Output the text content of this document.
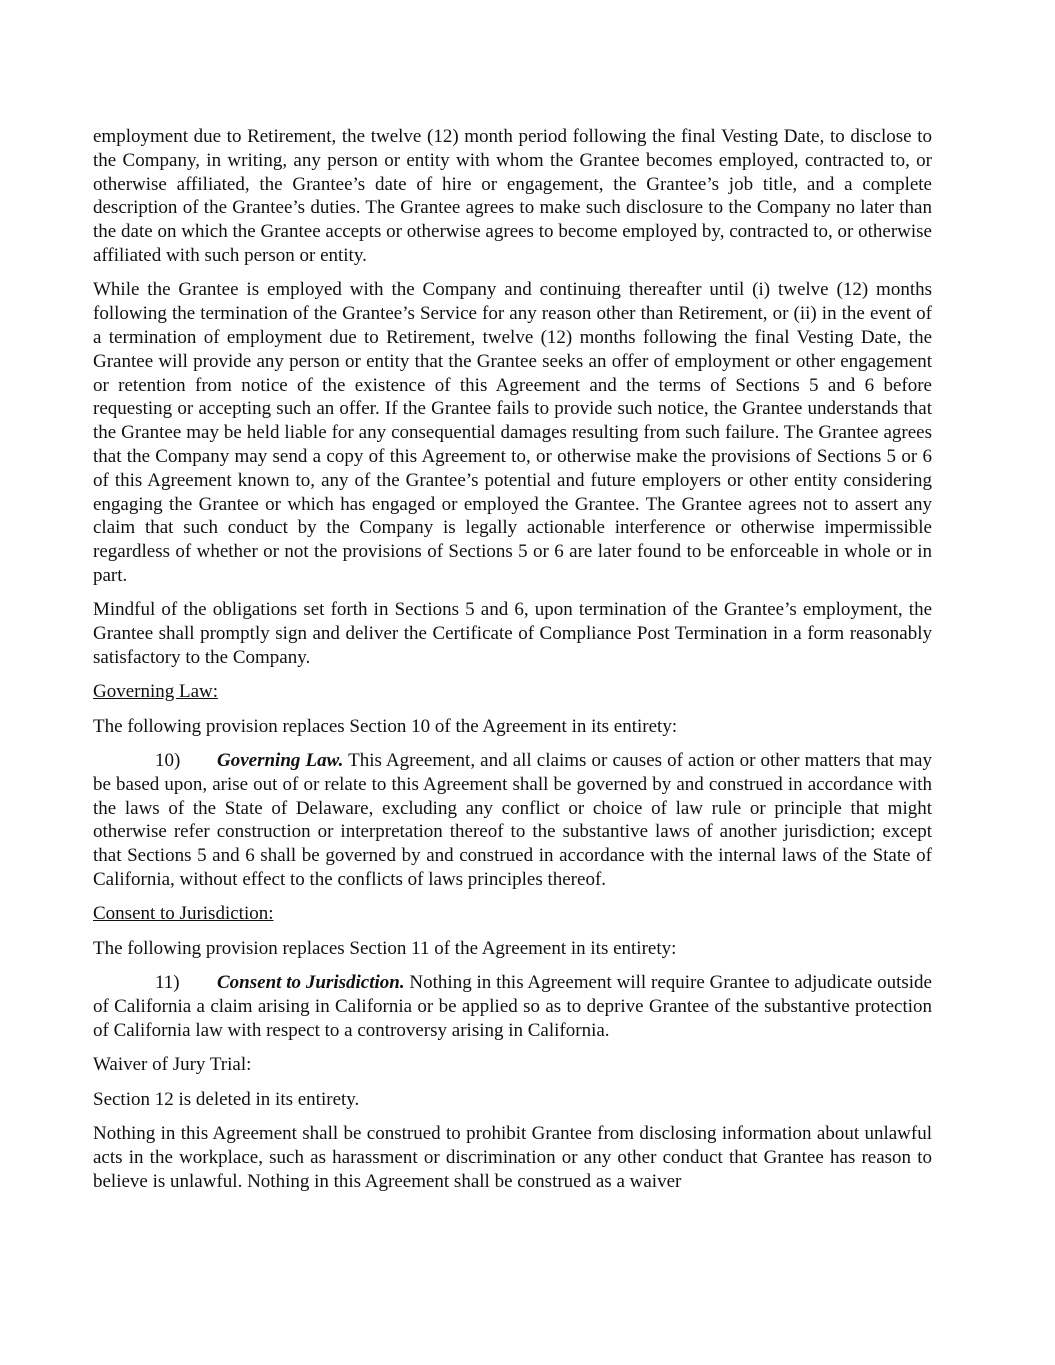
employment due to Retirement, the twelve (12) month period following the final Vesting Date, to disclose to the Company, in writing, any person or entity with whom the Grantee becomes employed, contracted to, or otherwise affiliated, the Grantee’s date of hire or engagement, the Grantee’s job title, and a complete description of the Grantee’s duties. The Grantee agrees to make such disclosure to the Company no later than the date on which the Grantee accepts or otherwise agrees to become employed by, contracted to, or otherwise affiliated with such person or entity.

While the Grantee is employed with the Company and continuing thereafter until (i) twelve (12) months following the termination of the Grantee’s Service for any reason other than Retirement, or (ii) in the event of a termination of employment due to Retirement, twelve (12) months following the final Vesting Date, the Grantee will provide any person or entity that the Grantee seeks an offer of employment or other engagement or retention from notice of the existence of this Agreement and the terms of Sections 5 and 6 before requesting or accepting such an offer. If the Grantee fails to provide such notice, the Grantee understands that the Grantee may be held liable for any consequential damages resulting from such failure. The Grantee agrees that the Company may send a copy of this Agreement to, or otherwise make the provisions of Sections 5 or 6 of this Agreement known to, any of the Grantee’s potential and future employers or other entity considering engaging the Grantee or which has engaged or employed the Grantee. The Grantee agrees not to assert any claim that such conduct by the Company is legally actionable interference or otherwise impermissible regardless of whether or not the provisions of Sections 5 or 6 are later found to be enforceable in whole or in part.

Mindful of the obligations set forth in Sections 5 and 6, upon termination of the Grantee’s employment, the Grantee shall promptly sign and deliver the Certificate of Compliance Post Termination in a form reasonably satisfactory to the Company.

Governing Law:

The following provision replaces Section 10 of the Agreement in its entirety:

10) Governing Law. This Agreement, and all claims or causes of action or other matters that may be based upon, arise out of or relate to this Agreement shall be governed by and construed in accordance with the laws of the State of Delaware, excluding any conflict or choice of law rule or principle that might otherwise refer construction or interpretation thereof to the substantive laws of another jurisdiction; except that Sections 5 and 6 shall be governed by and construed in accordance with the internal laws of the State of California, without effect to the conflicts of laws principles thereof.

Consent to Jurisdiction:

The following provision replaces Section 11 of the Agreement in its entirety:

11) Consent to Jurisdiction. Nothing in this Agreement will require Grantee to adjudicate outside of California a claim arising in California or be applied so as to deprive Grantee of the substantive protection of California law with respect to a controversy arising in California.

Waiver of Jury Trial:

Section 12 is deleted in its entirety.

Nothing in this Agreement shall be construed to prohibit Grantee from disclosing information about unlawful acts in the workplace, such as harassment or discrimination or any other conduct that Grantee has reason to believe is unlawful. Nothing in this Agreement shall be construed as a waiver
